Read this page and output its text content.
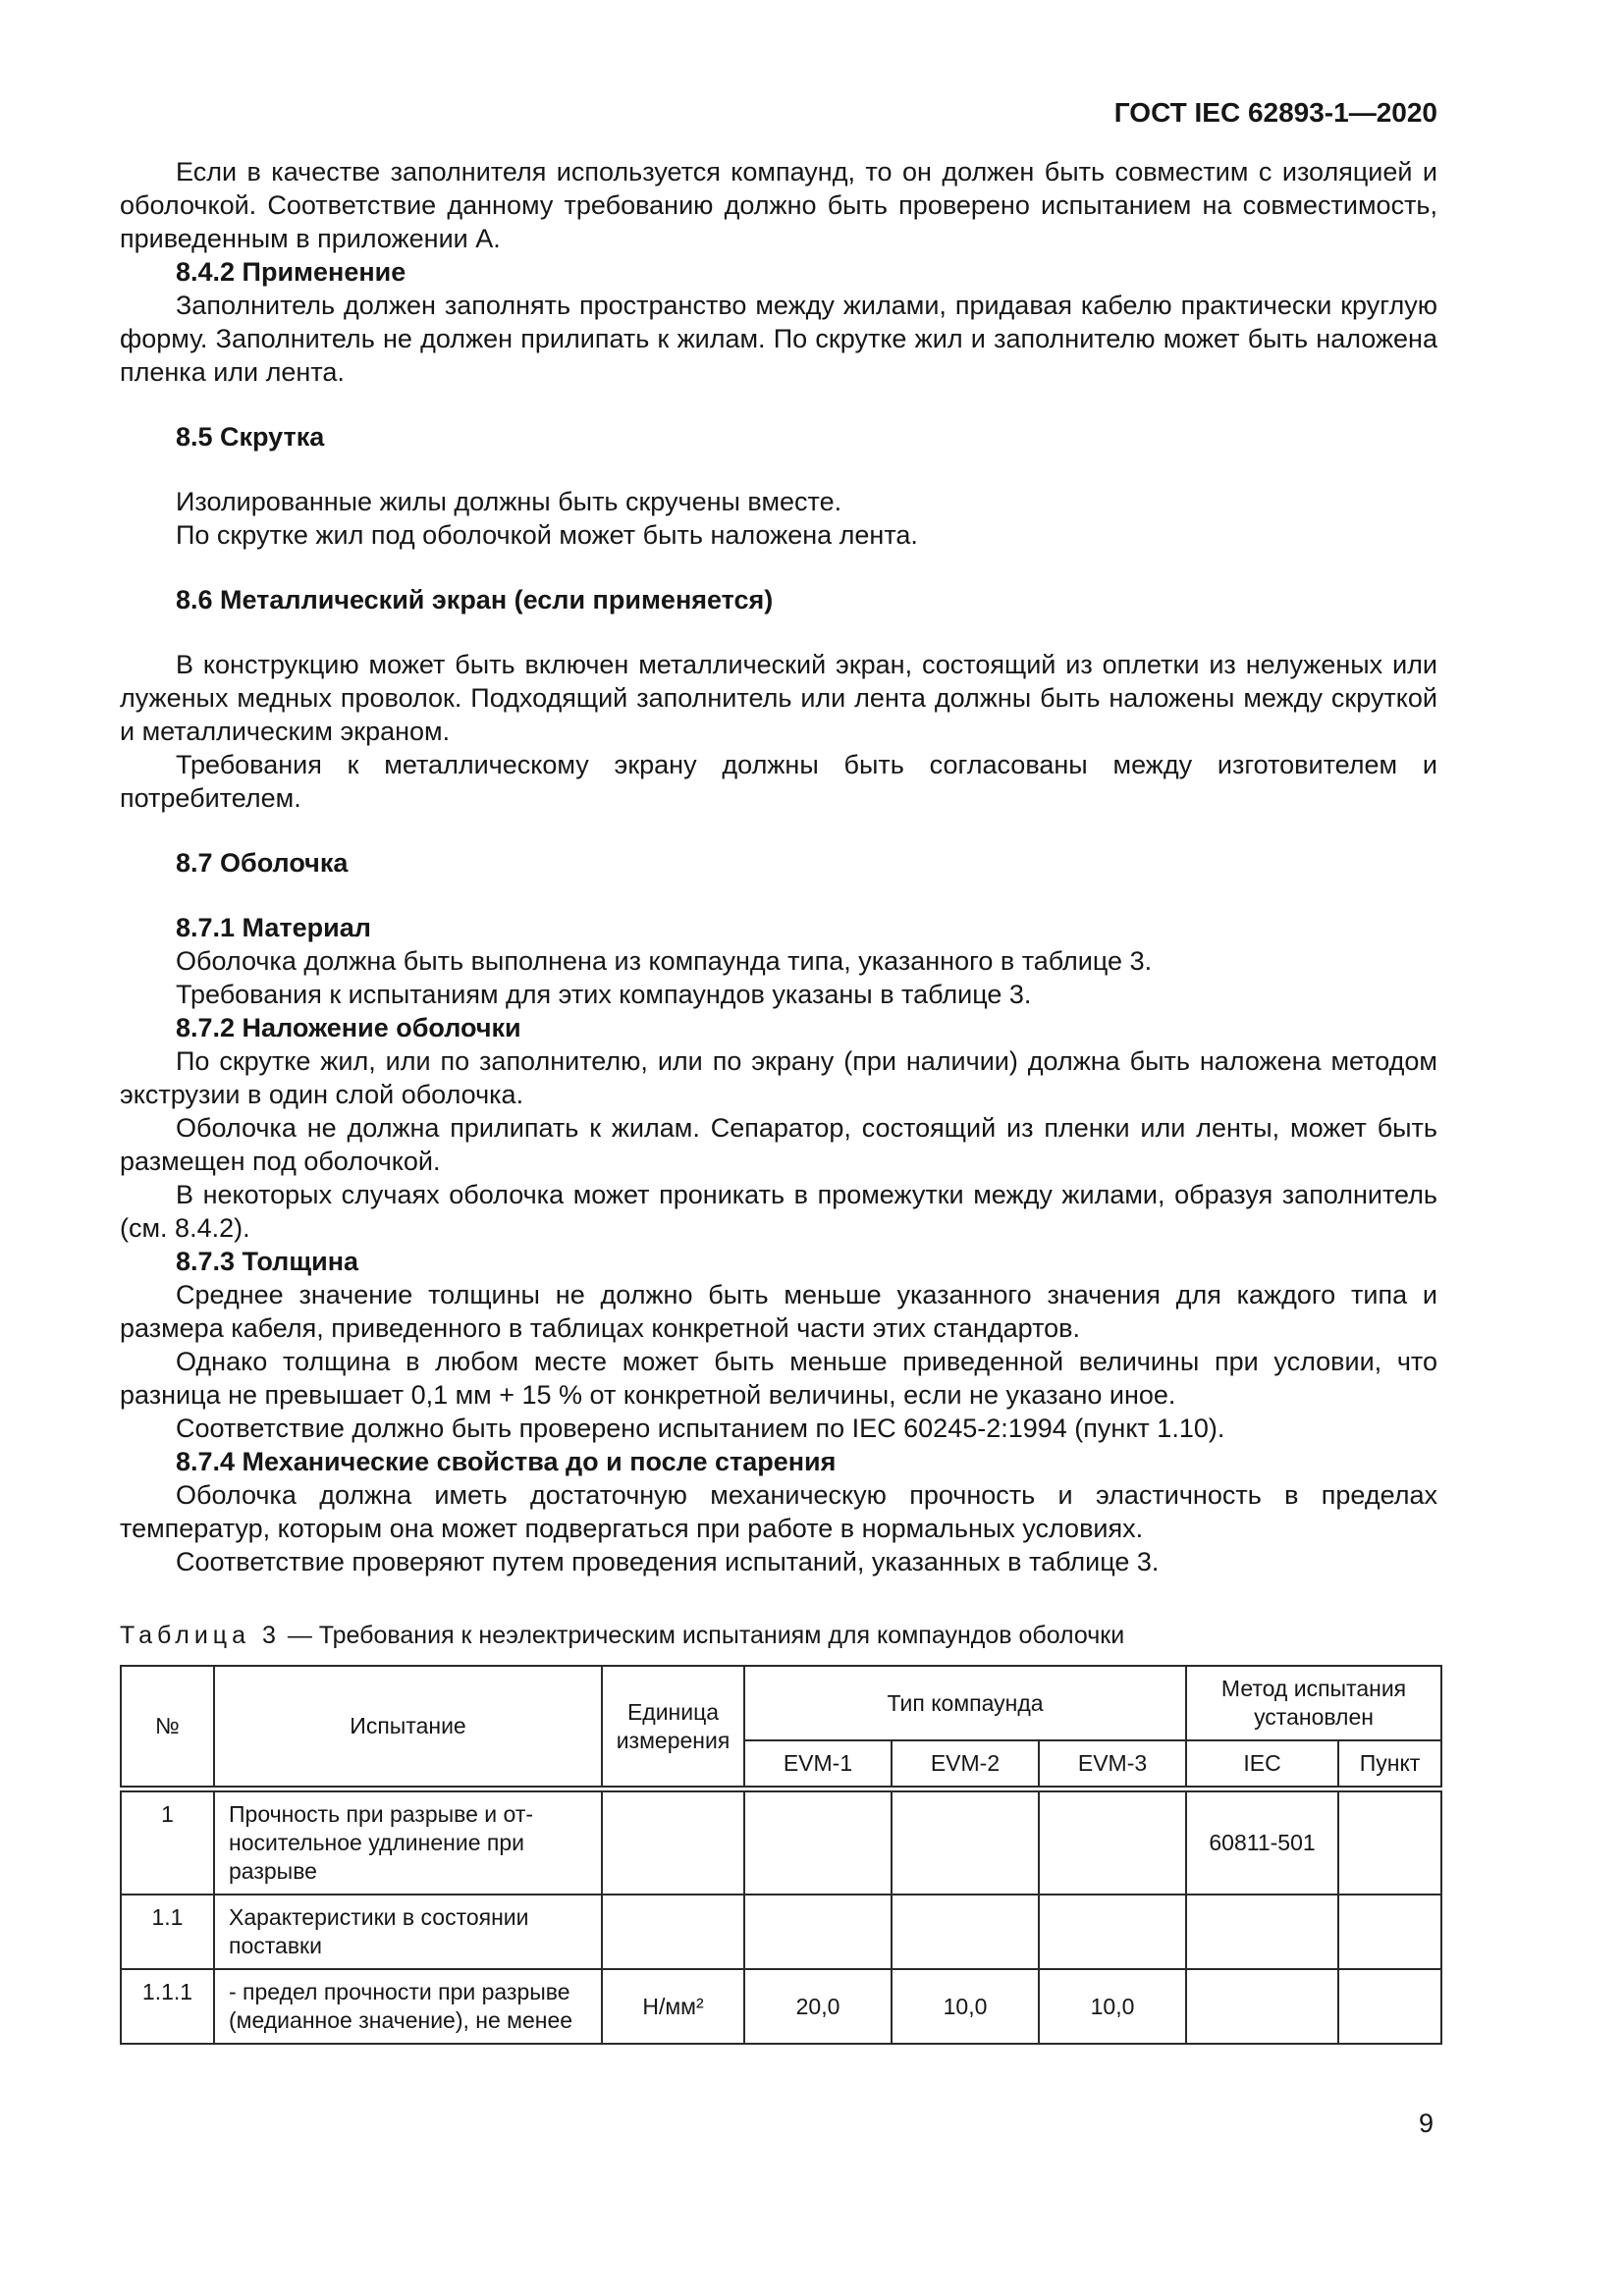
ГОСТ IEC 62893-1—2020

Если в качестве заполнителя используется компаунд, то он должен быть совместим с изоляцией и оболочкой. Соответствие данному требованию должно быть проверено испытанием на совместимость, приведенным в приложении А.

8.4.2 Применение

Заполнитель должен заполнять пространство между жилами, придавая кабелю практически круглую форму. Заполнитель не должен прилипать к жилам. По скрутке жил и заполнителю может быть наложена пленка или лента.

8.5 Скрутка

Изолированные жилы должны быть скручены вместе.

По скрутке жил под оболочкой может быть наложена лента.

8.6 Металлический экран (если применяется)

В конструкцию может быть включен металлический экран, состоящий из оплетки из нелуженых или луженых медных проволок. Подходящий заполнитель или лента должны быть наложены между скруткой и металлическим экраном.

Требования к металлическому экрану должны быть согласованы между изготовителем и потребителем.

8.7 Оболочка

8.7.1 Материал

Оболочка должна быть выполнена из компаунда типа, указанного в таблице 3.

Требования к испытаниям для этих компаундов указаны в таблице 3.

8.7.2 Наложение оболочки

По скрутке жил, или по заполнителю, или по экрану (при наличии) должна быть наложена методом экструзии в один слой оболочка.

Оболочка не должна прилипать к жилам. Сепаратор, состоящий из пленки или ленты, может быть размещен под оболочкой.

В некоторых случаях оболочка может проникать в промежутки между жилами, образуя заполнитель (см. 8.4.2).

8.7.3 Толщина

Среднее значение толщины не должно быть меньше указанного значения для каждого типа и размера кабеля, приведенного в таблицах конкретной части этих стандартов.

Однако толщина в любом месте может быть меньше приведенной величины при условии, что разница не превышает 0,1 мм + 15 % от конкретной величины, если не указано иное.

Соответствие должно быть проверено испытанием по IEC 60245-2:1994 (пункт 1.10).

8.7.4 Механические свойства до и после старения

Оболочка должна иметь достаточную механическую прочность и эластичность в пределах температур, которым она может подвергаться при работе в нормальных условиях.

Соответствие проверяют путем проведения испытаний, указанных в таблице 3.

Таблица 3 — Требования к неэлектрическим испытаниям для компаундов оболочки
№	Испытание	Единица измерения	Тип компаунда			Метод испытания установлен	
			EVM-1	EVM-2	EVM-3	IEC	Пункт
1	Прочность при разрыве и от-носительное удлинение при разрыве					60811-501	
1.1	Характеристики в состоянии поставки						
1.1.1	- предел прочности при разрыве (медианное значение), не менее	Н/мм²	20,0	10,0	10,0		
9
